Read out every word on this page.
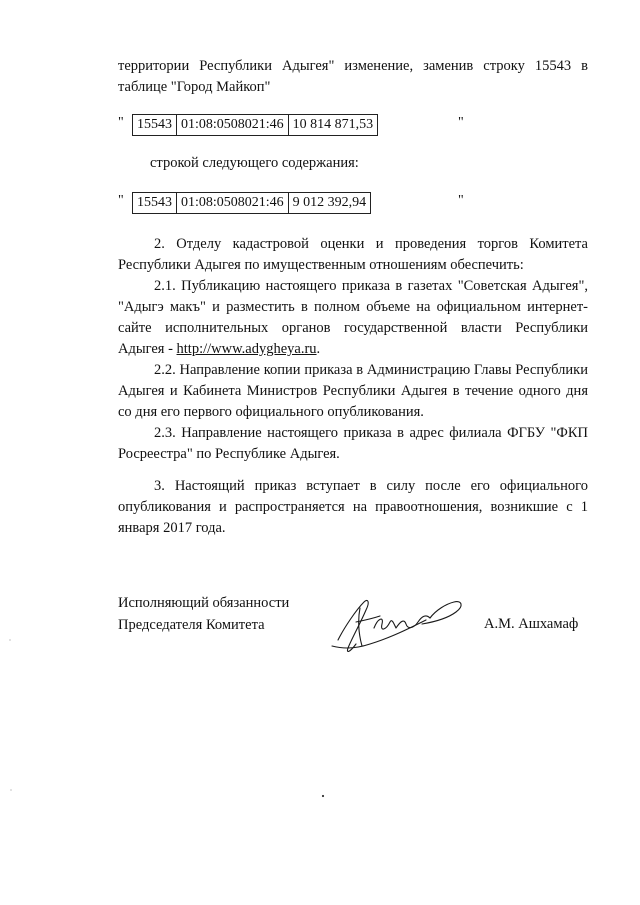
территории Республики Адыгея" изменение, заменив строку 15543 в

таблице "Город Майкоп"

" 15543	01:08:0508021:46	10 814 871,53	"

строкой следующего содержания:

" 15543	01:08:0508021:46	9 012 392,94	"

2. Отделу кадастровой оценки и проведения торгов Комитета Республики Адыгея по имущественным отношениям обеспечить:

2.1. Публикацию настоящего приказа в газетах "Советская Адыгея", "Адыгэ макъ" и разместить в полном объеме на официальном интернет-сайте исполнительных органов государственной власти Республики Адыгея - http://www.adygheya.ru.

2.2. Направление копии приказа в Администрацию Главы Республики Адыгея и Кабинета Министров Республики Адыгея в течение одного дня со дня его первого официального опубликования.

2.3. Направление настоящего приказа в адрес филиала ФГБУ "ФКП Росреестра" по Республике Адыгея.

3. Настоящий приказ вступает в силу после его официального опубликования и распространяется на правоотношения, возникшие с 1 января 2017 года.

Исполняющий обязанности
Председателя Комитета	А.М. Ашхамаф
